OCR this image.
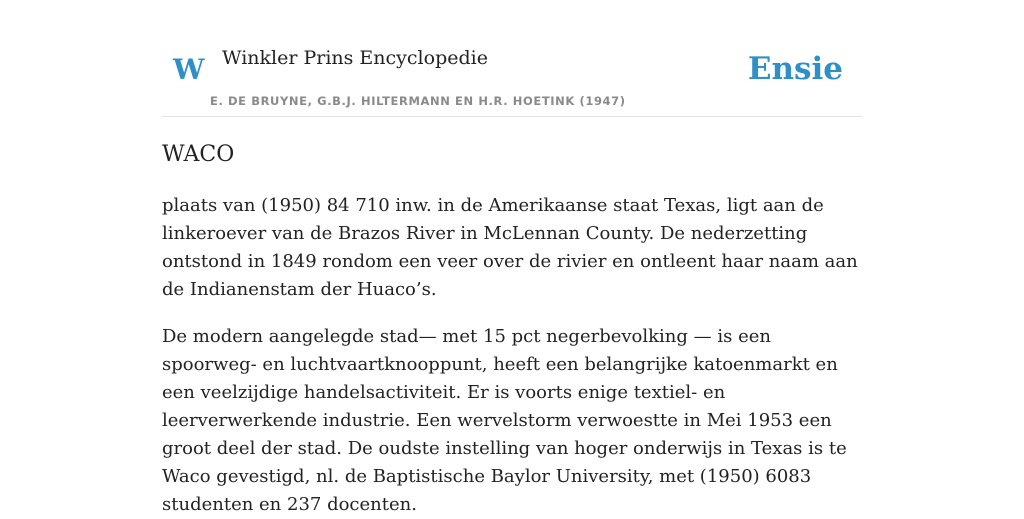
W Winkler Prins Encyclopedie
E. DE BRUYNE, G.B.J. HILTERMANN EN H.R. HOETINK (1947)
Ensie
WACO

plaats van (1950) 84 710 inw. in de Amerikaanse staat Texas, ligt aan de linkeroever van de Brazos River in McLennan County. De nederzetting ontstond in 1849 rondom een veer over de rivier en ontleent haar naam aan de Indianenstam der Huaco’s.

De modern aangelegde stad— met 15 pct negerbevolking — is een spoorweg- en luchtvaartknooppunt, heeft een belangrijke katoenmarkt en een veelzijdige handelsactiviteit. Er is voorts enige textiel- en leerverwerkende industrie. Een wervelstorm verwoestte in Mei 1953 een groot deel der stad. De oudste instelling van hoger onderwijs in Texas is te Waco gevestigd, nl. de Baptistische Baylor University, met (1950) 6083 studenten en 237 docenten.
